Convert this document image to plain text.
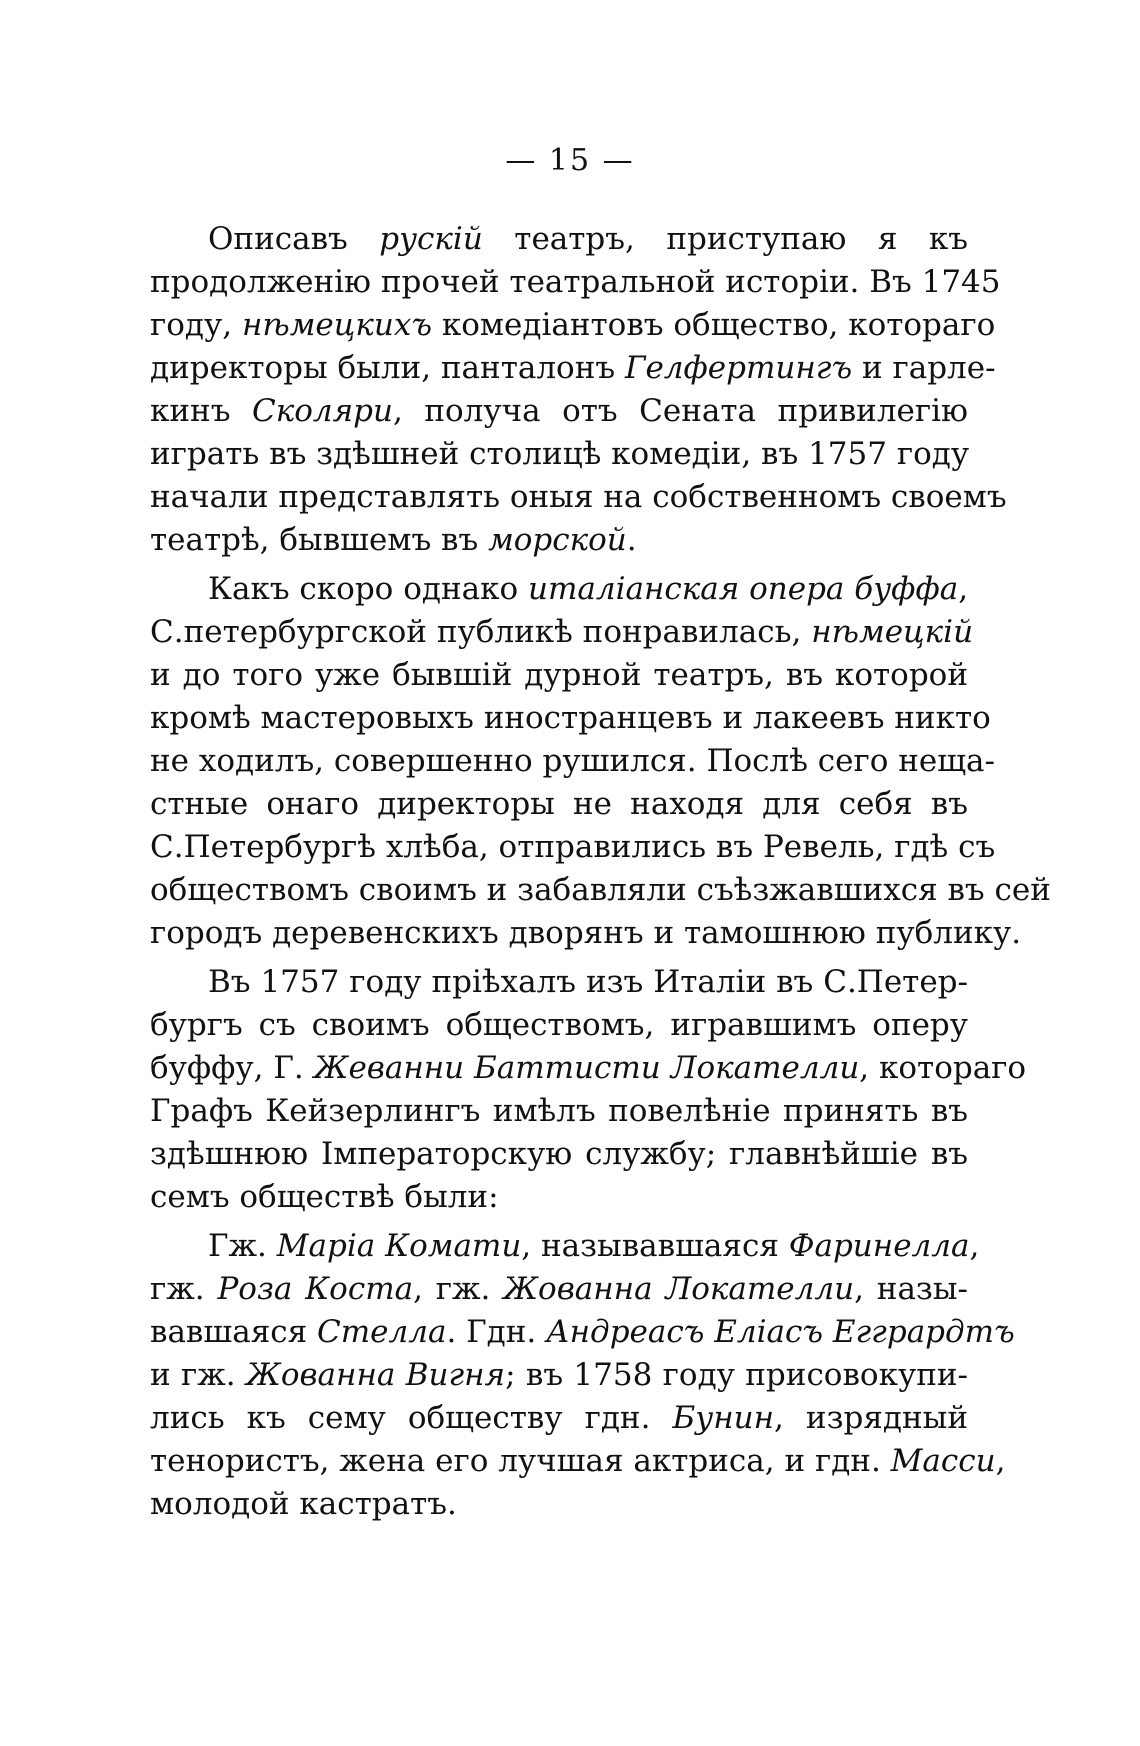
— 15 —
Описавъ рускій театръ, приступаю я къ
продолженію прочей театральной исторіи. Въ 1745
году, нѣмецкихъ комедіантовъ общество, котораго
директоры были, панталонъ Гелфертингъ и гарле-
кинъ Сколяри, получа отъ Сената привилегію
играть въ здѣшней столицѣ комедіи, въ 1757 году
начали представлять оныя на собственномъ своемъ
театрѣ, бывшемъ въ морской.
Какъ скоро однако италіанская опера буффа,
С.петербургской публикѣ понравилась, нѣмецкій
и до того уже бывшій дурной театръ, въ которой
кромѣ мастеровыхъ иностранцевъ и лакеевъ никто
не ходилъ, совершенно рушился. Послѣ сего нещa-
стные онаго директоры не находя для себя въ
С.Петербургѣ хлѣба, отправились въ Ревель, гдѣ съ
обществомъ своимъ и забавляли съѣзжавшихся въ сей
городъ деревенскихъ дворянъ и тамошнюю публику.
Въ 1757 году пріѣхалъ изъ Италіи въ С.Петер-
бургъ съ своимъ обществомъ, игравшимъ оперу
буффу, Г. Жеванни Баттисти Локателли, котораго
Графъ Кейзерлингъ имѣлъ повелѣніе принять въ
здѣшнюю Імператорскую службу; главнѣйшіе въ
семъ обществѣ были:
Гж. Маріа Комати, называвшаяся Фаринелла,
гж. Роза Коста, гж. Жованна Локателли, назы-
вавшаяся Стелла. Гдн. Андреасъ Еліасъ Еггрардтъ
и гж. Жованна Вигня; въ 1758 году присовокупи-
лись къ сему обществу гдн. Бунин, изрядный
тенористъ, жена его лучшая актриса, и гдн. Масси,
молодой кастратъ.
